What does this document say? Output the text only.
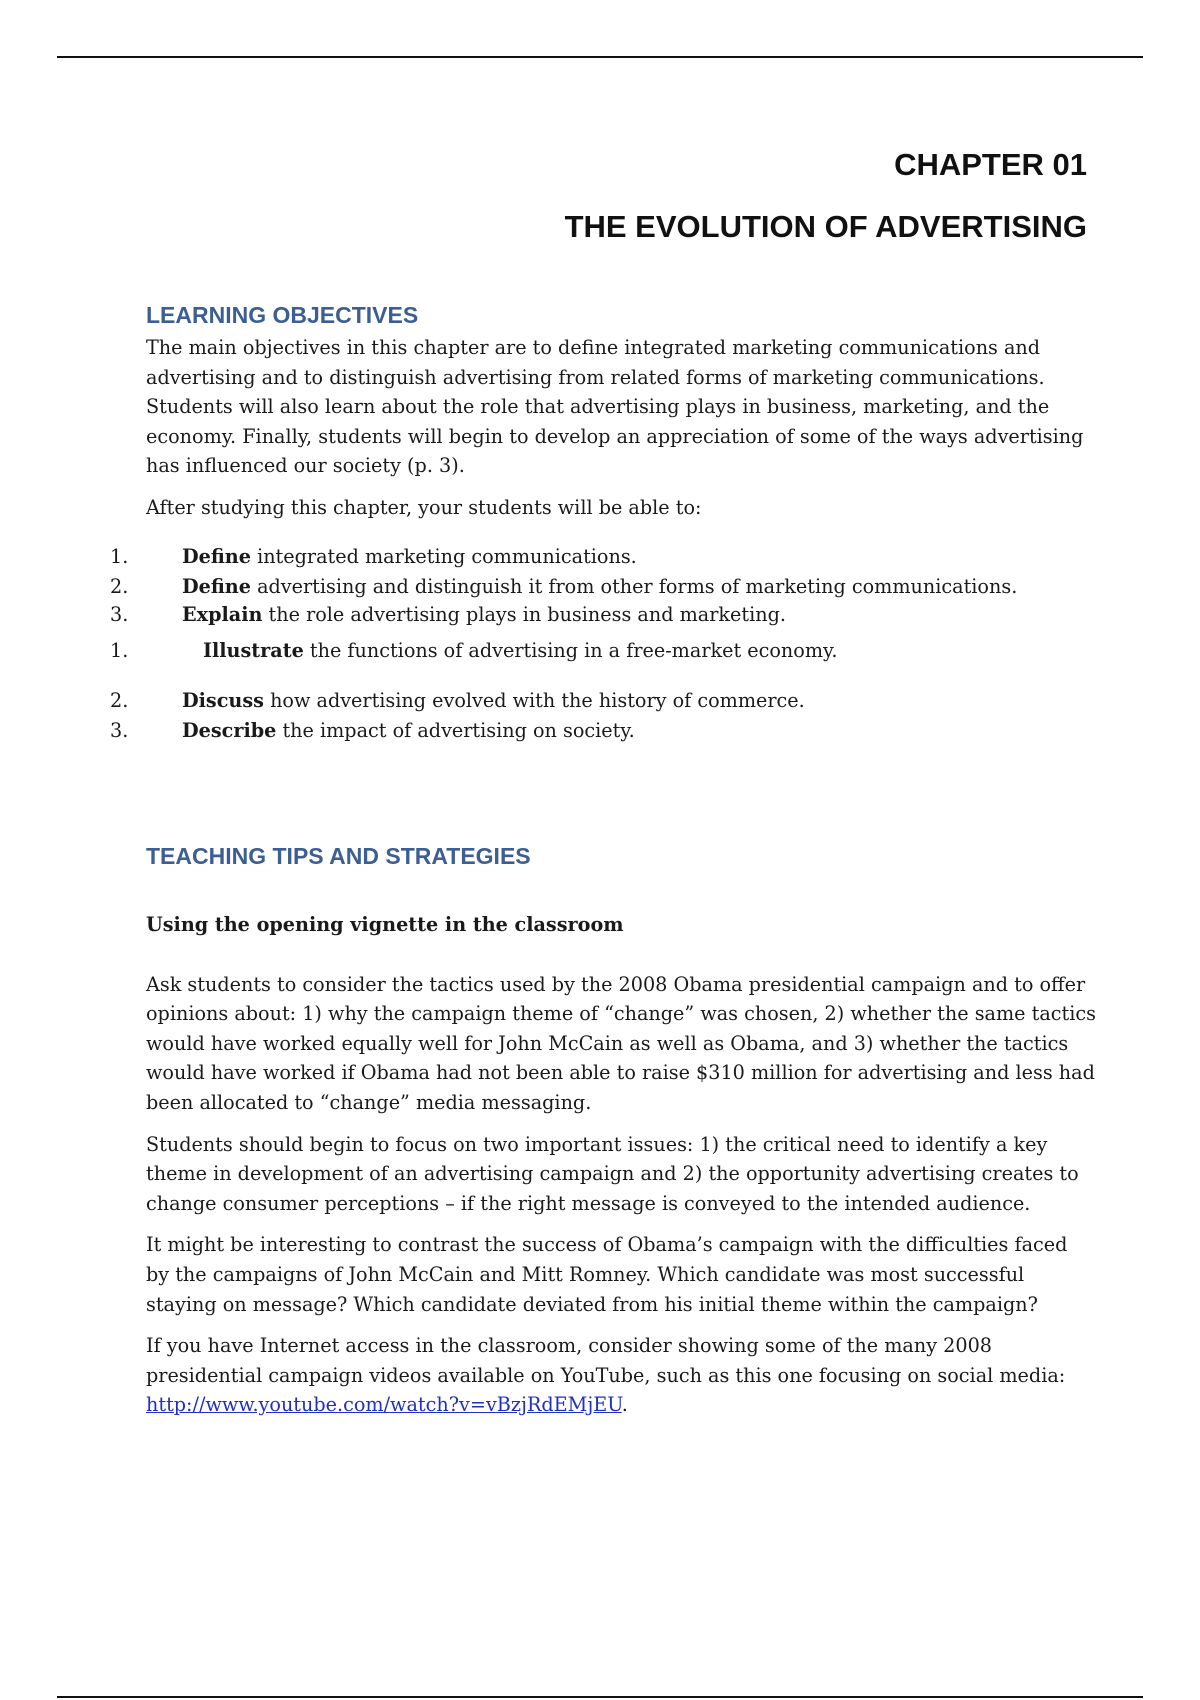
CHAPTER 01
THE EVOLUTION OF ADVERTISING
LEARNING OBJECTIVES

The main objectives in this chapter are to define integrated marketing communications and advertising and to distinguish advertising from related forms of marketing communications. Students will also learn about the role that advertising plays in business, marketing, and the economy. Finally, students will begin to develop an appreciation of some of the ways advertising has influenced our society (p. 3).

After studying this chapter, your students will be able to:

1.	Define integrated marketing communications.
2.	Define advertising and distinguish it from other forms of marketing communications.
3.	Explain the role advertising plays in business and marketing.
1.	Illustrate the functions of advertising in a free-market economy.
2.	Discuss how advertising evolved with the history of commerce.
3.	Describe the impact of advertising on society.
TEACHING TIPS AND STRATEGIES

Using the opening vignette in the classroom

Ask students to consider the tactics used by the 2008 Obama presidential campaign and to offer opinions about: 1) why the campaign theme of “change” was chosen, 2) whether the same tactics would have worked equally well for John McCain as well as Obama, and 3) whether the tactics would have worked if Obama had not been able to raise $310 million for advertising and less had been allocated to “change” media messaging.

Students should begin to focus on two important issues: 1) the critical need to identify a key theme in development of an advertising campaign and 2) the opportunity advertising creates to change consumer perceptions – if the right message is conveyed to the intended audience.

It might be interesting to contrast the success of Obama’s campaign with the difficulties faced by the campaigns of John McCain and Mitt Romney. Which candidate was most successful staying on message? Which candidate deviated from his initial theme within the campaign?

If you have Internet access in the classroom, consider showing some of the many 2008 presidential campaign videos available on YouTube, such as this one focusing on social media: http://www.youtube.com/watch?v=vBzjRdEMjEU.
